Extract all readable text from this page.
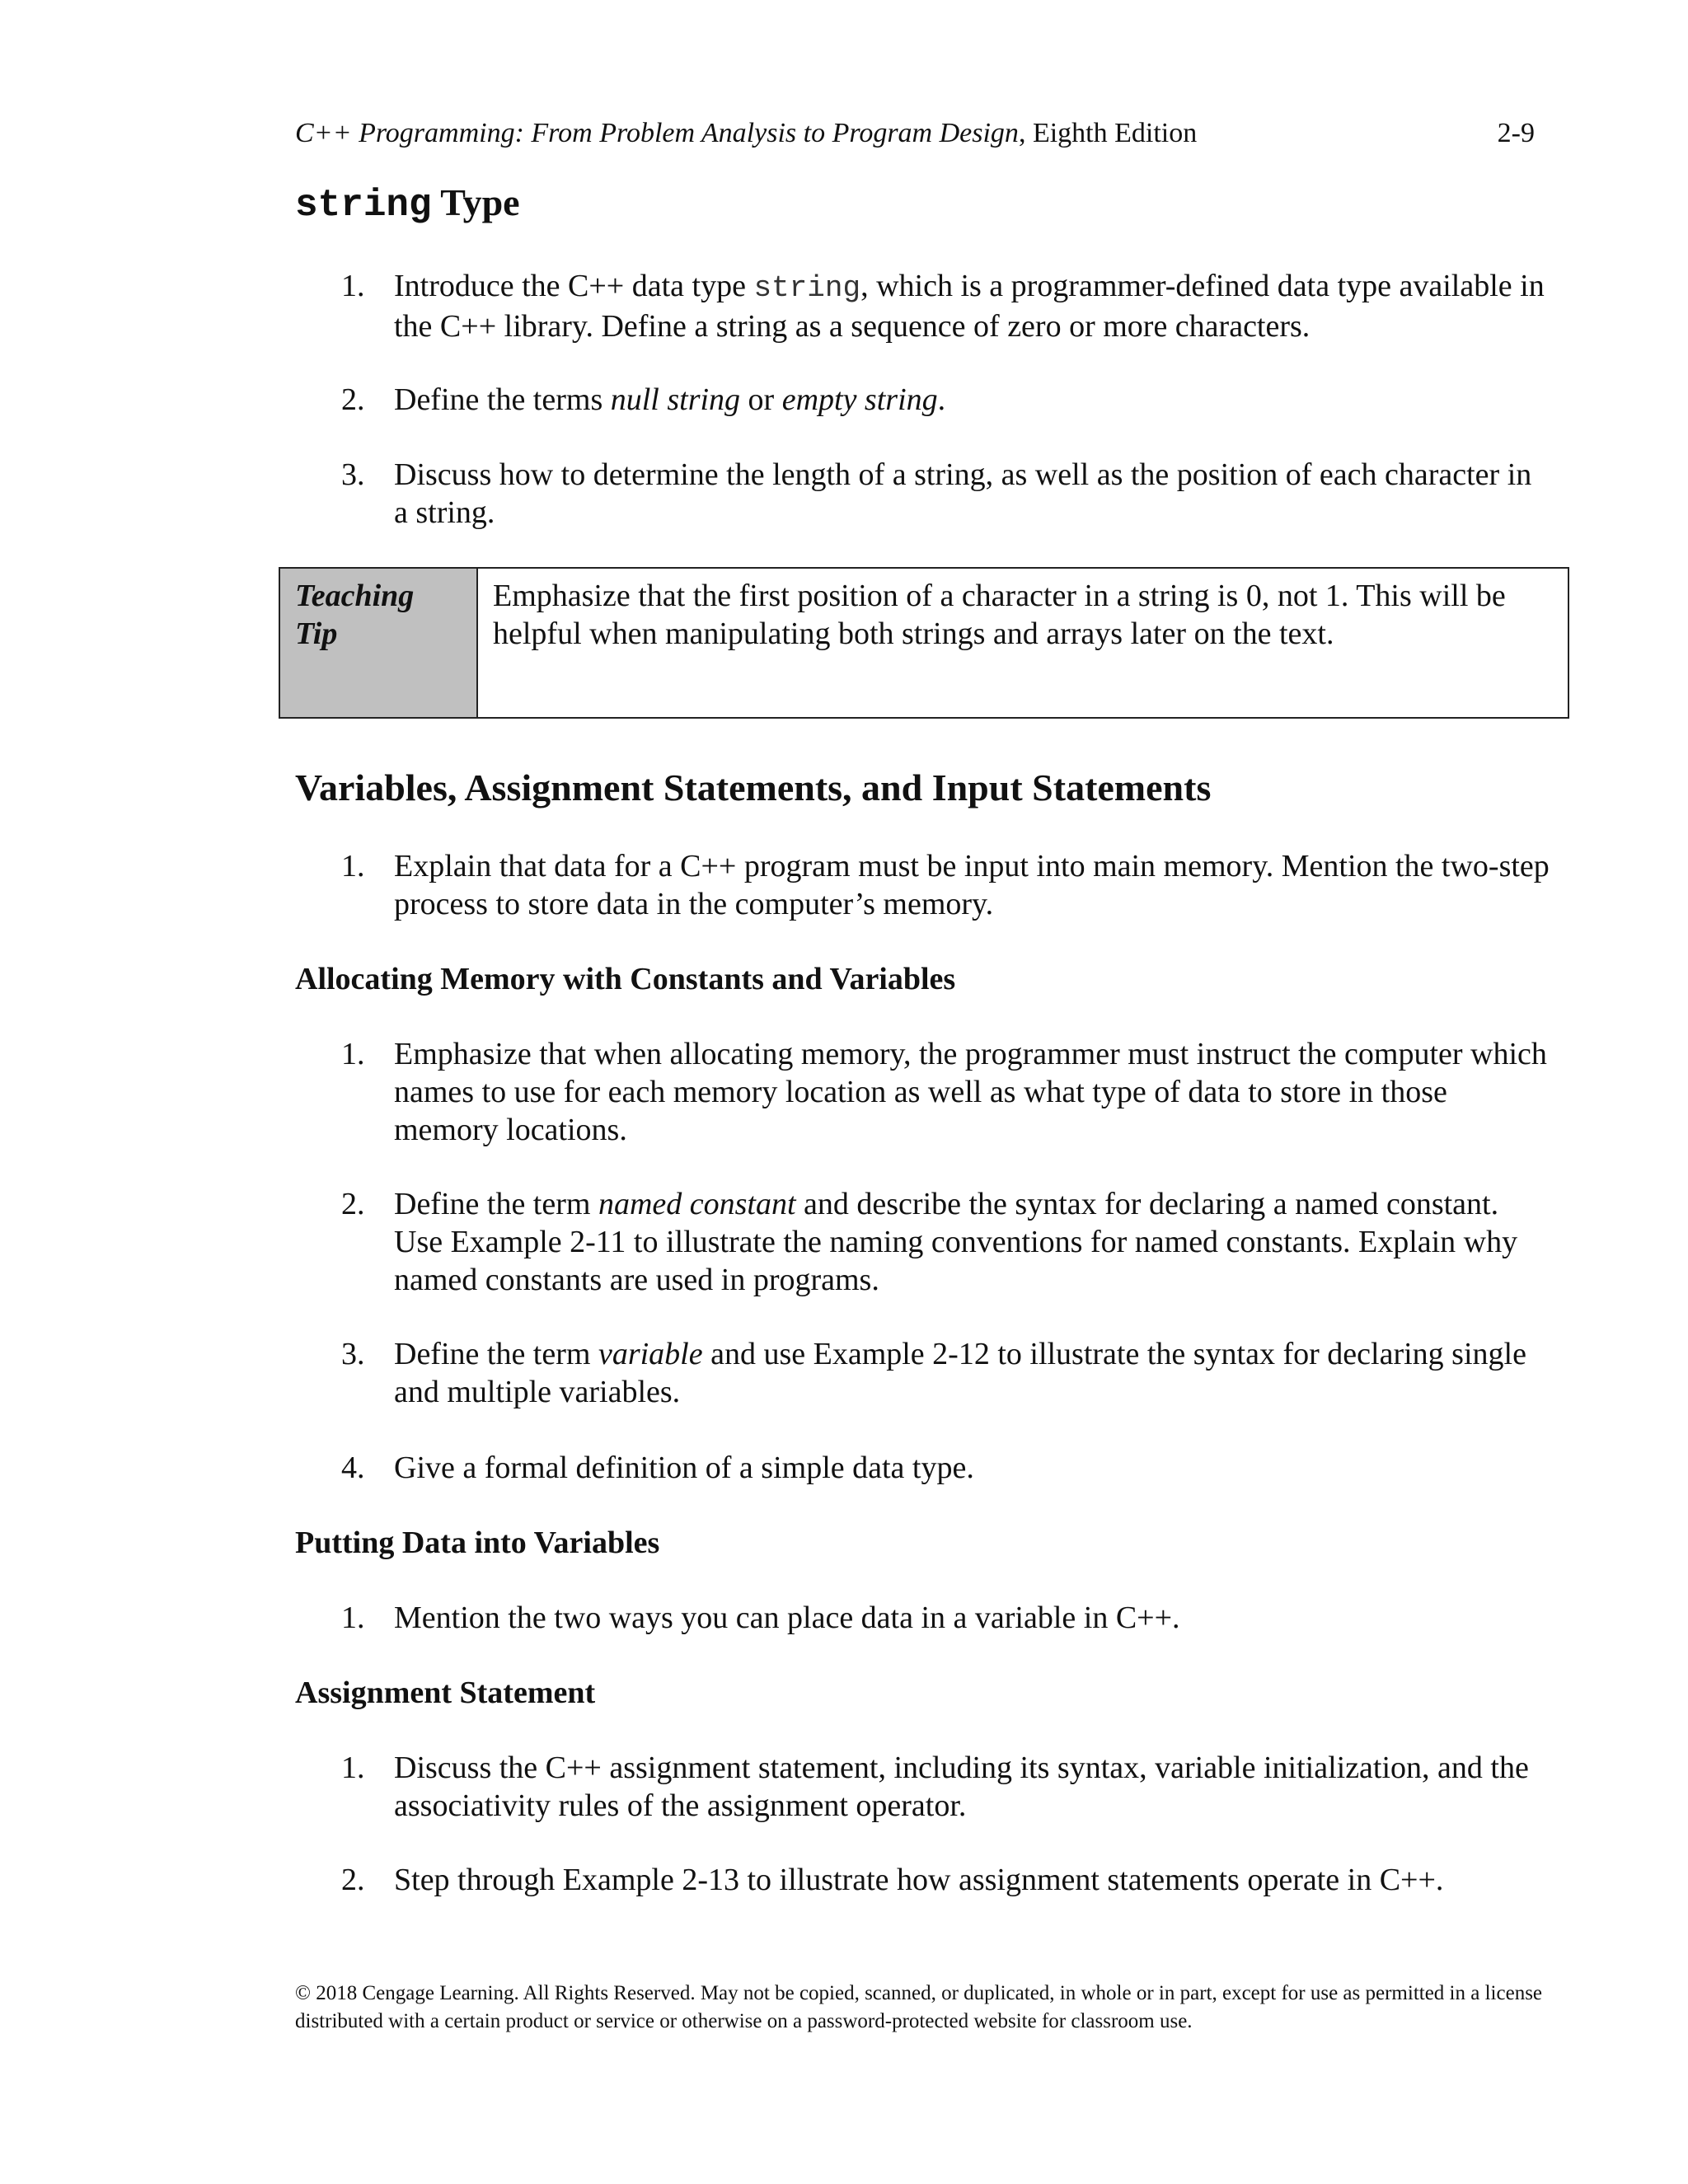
C++ Programming: From Problem Analysis to Program Design, Eighth Edition	2-9
string Type
1. Introduce the C++ data type string, which is a programmer-defined data type available in the C++ library. Define a string as a sequence of zero or more characters.
2. Define the terms null string or empty string.
3. Discuss how to determine the length of a string, as well as the position of each character in a string.
Teaching Tip
Emphasize that the first position of a character in a string is 0, not 1. This will be helpful when manipulating both strings and arrays later on the text.
Variables, Assignment Statements, and Input Statements
1. Explain that data for a C++ program must be input into main memory. Mention the two-step process to store data in the computer’s memory.
Allocating Memory with Constants and Variables
1. Emphasize that when allocating memory, the programmer must instruct the computer which names to use for each memory location as well as what type of data to store in those memory locations.
2. Define the term named constant and describe the syntax for declaring a named constant. Use Example 2-11 to illustrate the naming conventions for named constants. Explain why named constants are used in programs.
3. Define the term variable and use Example 2-12 to illustrate the syntax for declaring single and multiple variables.
4. Give a formal definition of a simple data type.
Putting Data into Variables
1. Mention the two ways you can place data in a variable in C++.
Assignment Statement
1. Discuss the C++ assignment statement, including its syntax, variable initialization, and the associativity rules of the assignment operator.
2. Step through Example 2-13 to illustrate how assignment statements operate in C++.
© 2018 Cengage Learning. All Rights Reserved. May not be copied, scanned, or duplicated, in whole or in part, except for use as permitted in a license distributed with a certain product or service or otherwise on a password-protected website for classroom use.
